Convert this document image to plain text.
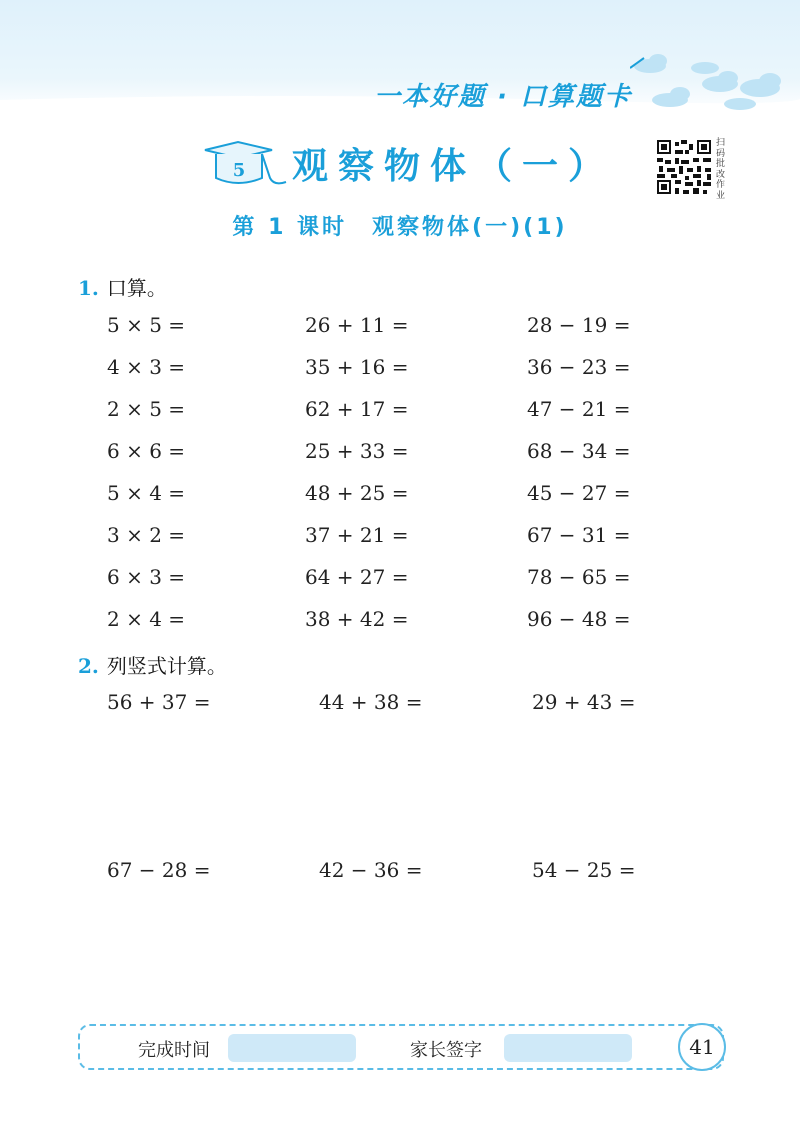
一本好题 · 口算题卡
5 观察物体（一）
扫码批改作业
第 1 课时　观察物体(一)(1)
1. 口算。
5 × 5 =	26 + 11 =	28 − 19 =
4 × 3 =	35 + 16 =	36 − 23 =
2 × 5 =	62 + 17 =	47 − 21 =
6 × 6 =	25 + 33 =	68 − 34 =
5 × 4 =	48 + 25 =	45 − 27 =
3 × 2 =	37 + 21 =	67 − 31 =
6 × 3 =	64 + 27 =	78 − 65 =
2 × 4 =	38 + 42 =	96 − 48 =
2. 列竖式计算。
56 + 37 =	44 + 38 =	29 + 43 =
67 − 28 =	42 − 36 =	54 − 25 =
完成时间	家长签字	41
